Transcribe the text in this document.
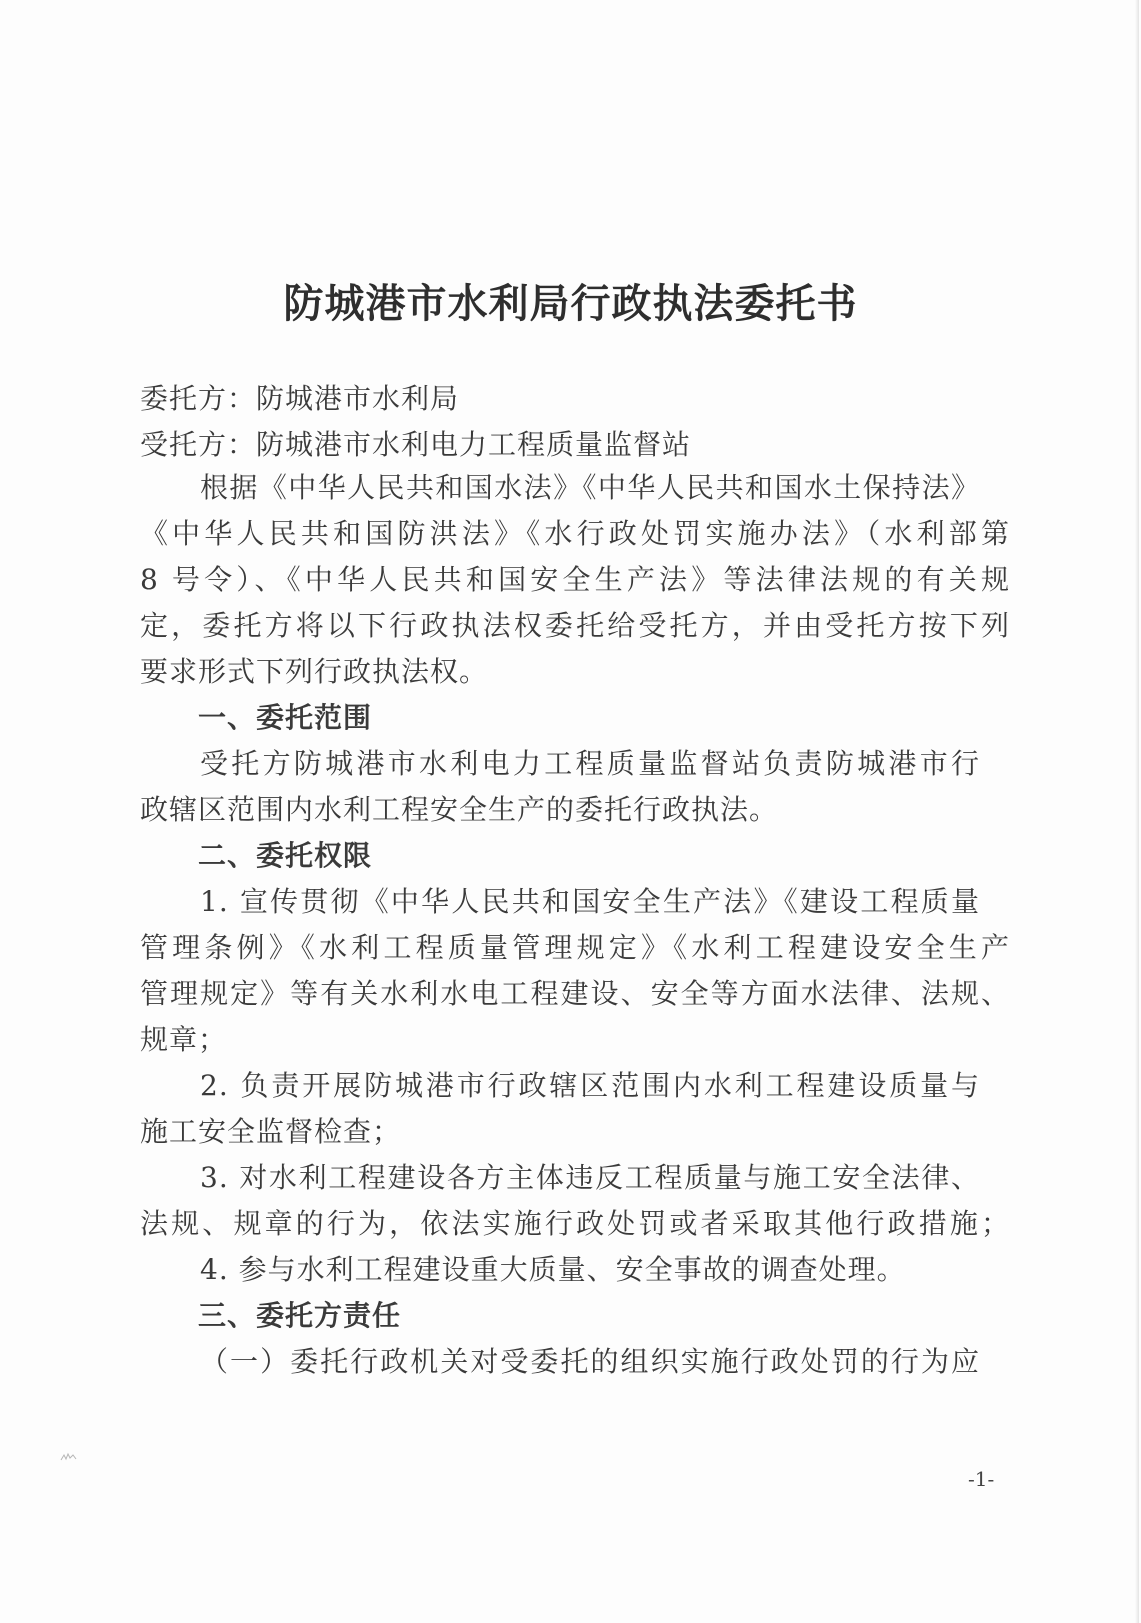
防城港市水利局行政执法委托书
委托方：防城港市水利局
受托方：防城港市水利电力工程质量监督站
根据《中华人民共和国水法》《中华人民共和国水土保持法》
《中华人民共和国防洪法》《水行政处罚实施办法》（水利部第
8 号令）、《中华人民共和国安全生产法》等法律法规的有关规
定，委托方将以下行政执法权委托给受托方，并由受托方按下列
要求形式下列行政执法权。
一、委托范围
受托方防城港市水利电力工程质量监督站负责防城港市行
政辖区范围内水利工程安全生产的委托行政执法。
二、委托权限
1. 宣传贯彻《中华人民共和国安全生产法》《建设工程质量
管理条例》《水利工程质量管理规定》《水利工程建设安全生产
管理规定》等有关水利水电工程建设、安全等方面水法律、法规、
规章；
2. 负责开展防城港市行政辖区范围内水利工程建设质量与
施工安全监督检查；
3. 对水利工程建设各方主体违反工程质量与施工安全法律、
法规、规章的行为，依法实施行政处罚或者采取其他行政措施；
4. 参与水利工程建设重大质量、安全事故的调查处理。
三、委托方责任
（一）委托行政机关对受委托的组织实施行政处罚的行为应
-1-
